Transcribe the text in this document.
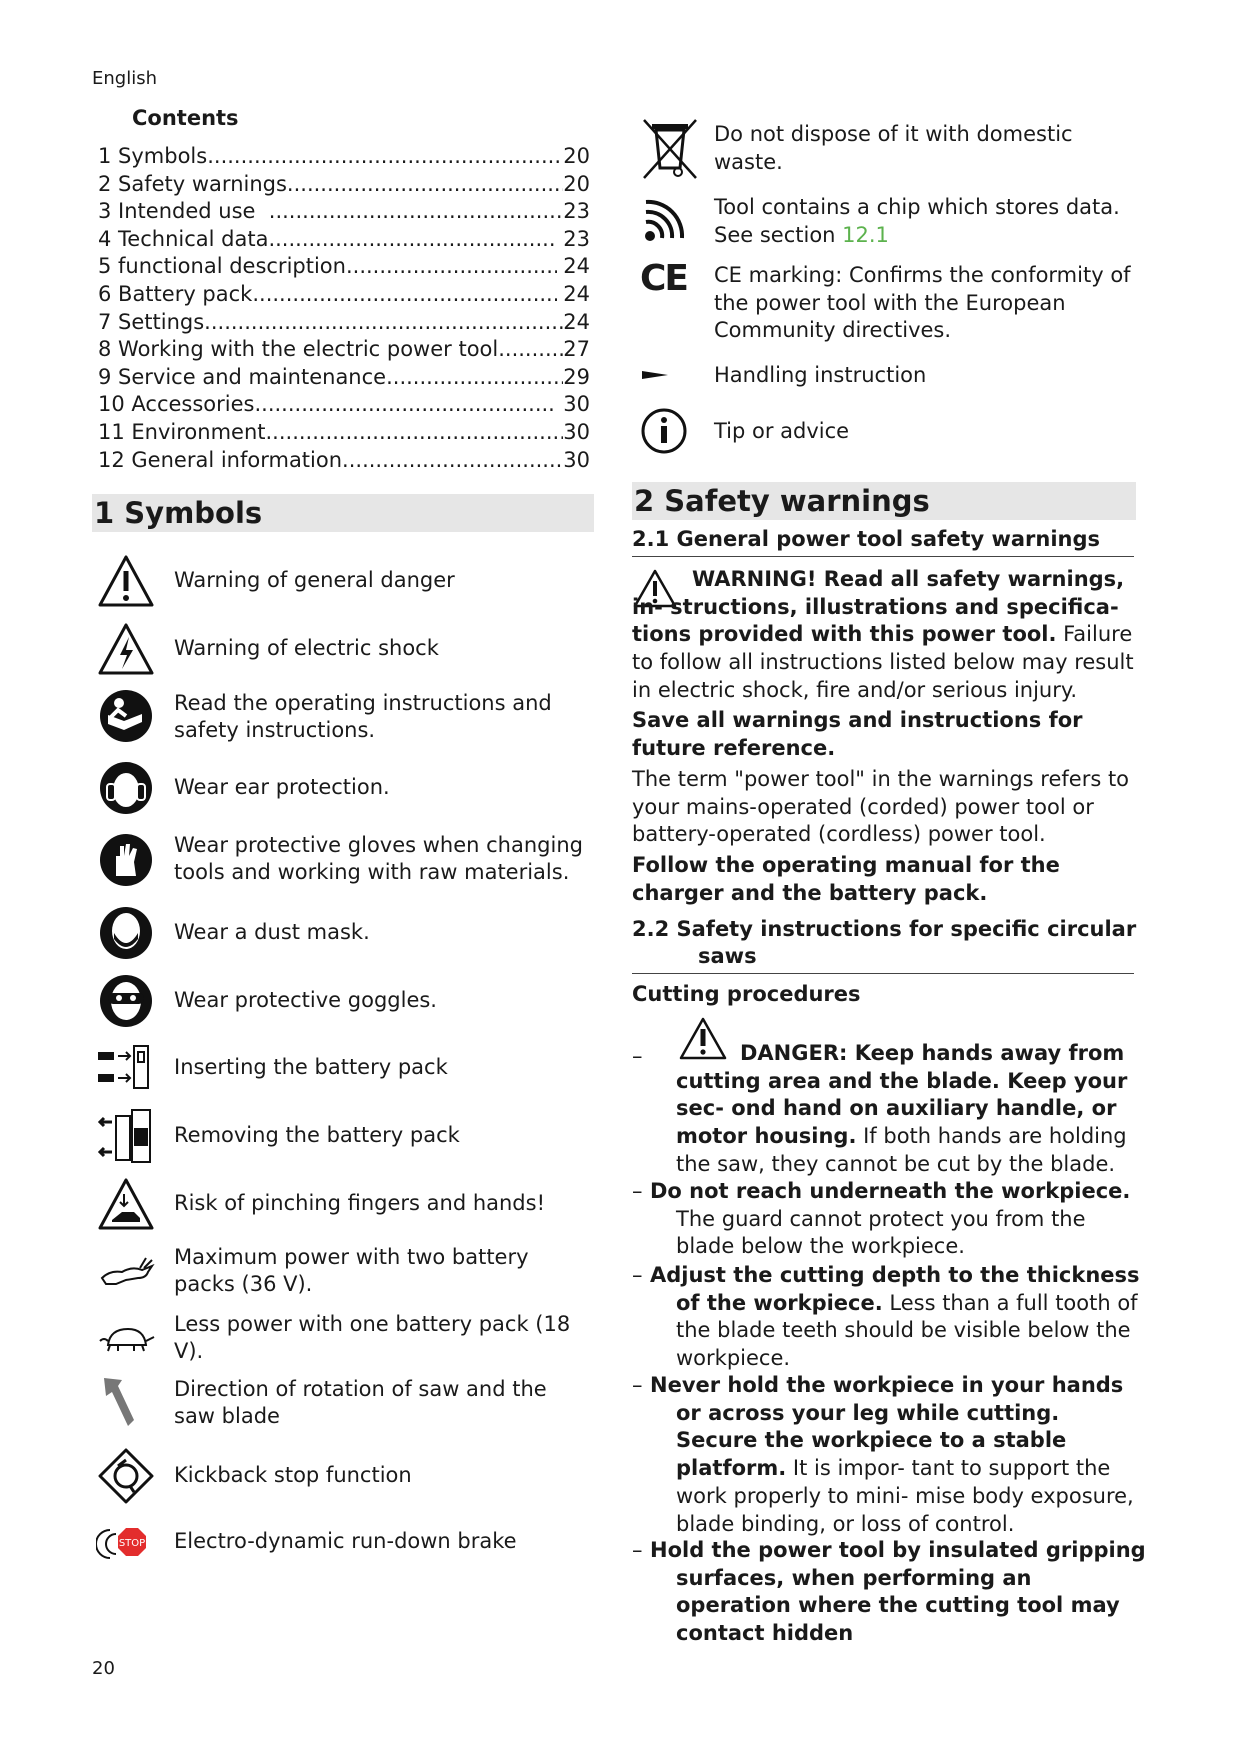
English
Contents
1 Symbols .....	20
2 Safety warnings .....	20
3 Intended use .....	23
4 Technical data .....	23
5 functional description .....	24
6 Battery pack .....	24
7 Settings .....	24
8 Working with the electric power tool .....	27
9 Service and maintenance .....	29
10 Accessories .....	30
11 Environment .....	30
12 General information .....	30
1 Symbols
Warning of general danger
Warning of electric shock
Read the operating instructions and safety instructions.
Wear ear protection.
Wear protective gloves when changing tools and working with raw materials.
Wear a dust mask.
Wear protective goggles.
Inserting the battery pack
Removing the battery pack
Risk of pinching fingers and hands!
Maximum power with two battery packs (36 V).
Less power with one battery pack (18 V).
Direction of rotation of saw and the saw blade
Kickback stop function
STOP Electro-dynamic run-down brake
Do not dispose of it with domestic waste.
Tool contains a chip which stores data.
See section 12.1
CE CE marking: Confirms the conformity of the power tool with the European Community directives.
Handling instruction
Tip or advice
2 Safety warnings
2.1 General power tool safety warnings
WARNING! Read all safety warnings, in- structions, illustrations and specifica- tions provided with this power tool. Failure to follow all instructions listed below may result in electric shock, fire and/or serious injury.
Save all warnings and instructions for future reference.
The term "power tool" in the warnings refers to your mains-operated (corded) power tool or battery-operated (cordless) power tool.
Follow the operating manual for the charger and the battery pack.
2.2 Safety instructions for specific circular
saws
Cutting procedures
–	DANGER: Keep hands away from cutting area and the blade. Keep your sec- ond hand on auxiliary handle, or motor housing. If both hands are holding the saw, they cannot be cut by the blade.
– Do not reach underneath the workpiece.
The guard cannot protect you from the blade below the workpiece.
– Adjust the cutting depth to the thickness of the workpiece. Less than a full tooth of the blade teeth should be visible below the workpiece.
– Never hold the workpiece in your hands or across your leg while cutting. Secure the workpiece to a stable platform. It is impor- tant to support the work properly to mini- mise body exposure, blade binding, or loss of control.
– Hold the power tool by insulated gripping surfaces, when performing an operation where the cutting tool may contact hidden
20
